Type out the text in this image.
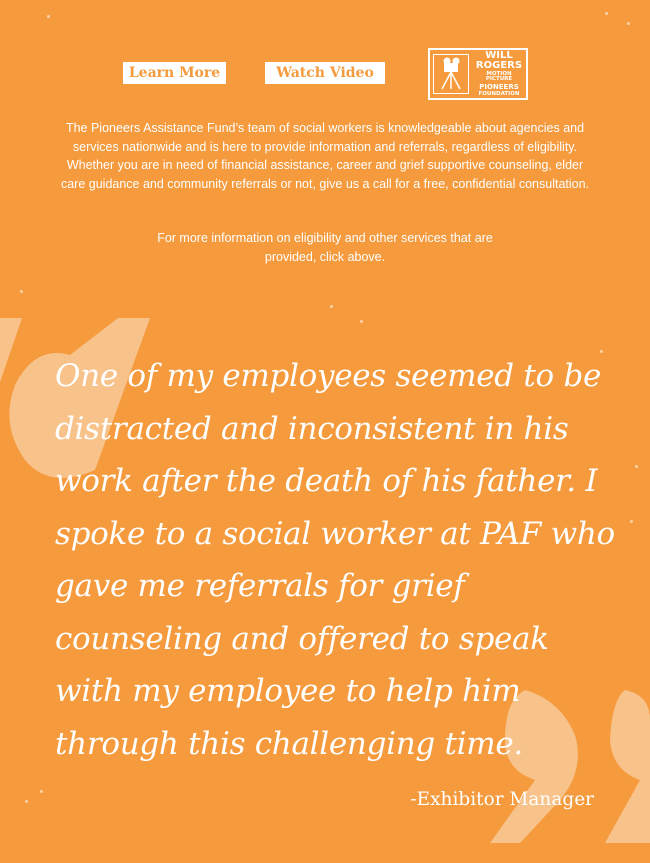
Learn More	Watch Video
WILL
ROGERS
MOTION PICTURE
PIONEERS
FOUNDATION
The Pioneers Assistance Fund’s team of social workers is knowledgeable about agencies and services nationwide and is here to provide information and referrals, regardless of eligibility. Whether you are in need of financial assistance, career and grief supportive counseling, elder care guidance and community referrals or not, give us a call for a free, confidential consultation.
For more information on eligibility and other services that are provided, click above.
One of my employees seemed to be distracted and inconsistent in his work after the death of his father. I spoke to a social worker at PAF who gave me referrals for grief counseling and offered to speak with my employee to help him through this challenging time.
-Exhibitor Manager
